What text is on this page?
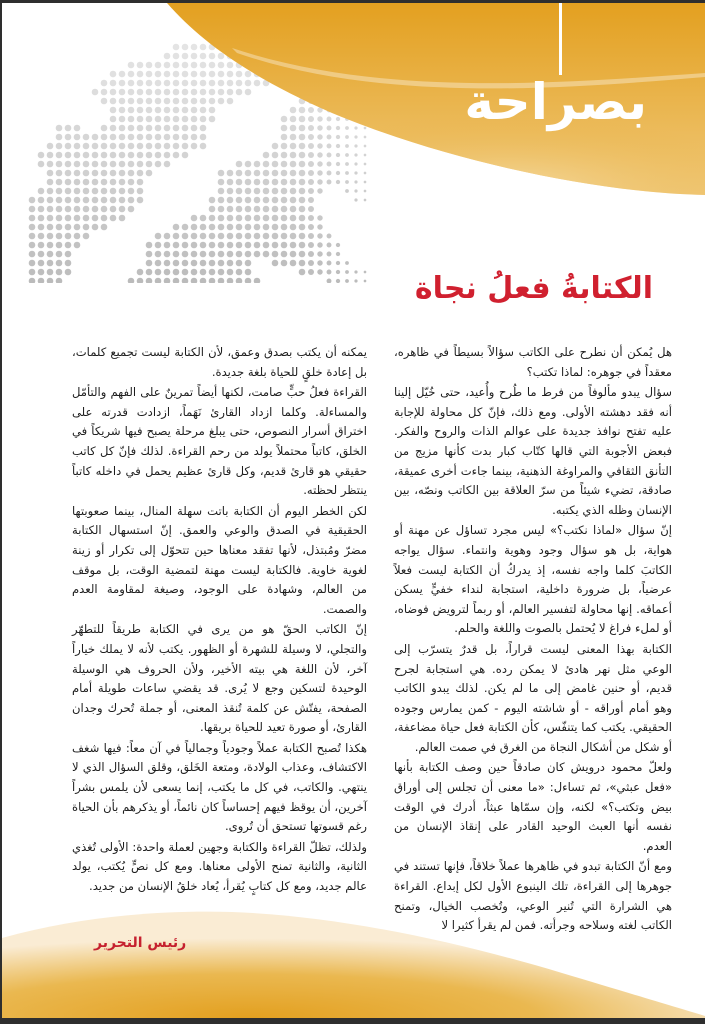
بصراحة
الكتابةُ فعلُ نجاة

هل يُمكن أن نطرح على الكاتب سؤالاً بسيطاً في ظاهره، معقداً في جوهره: لماذا تكتب؟

سؤال يبدو مألوفاً من فرط ما طُرح وأُعيد، حتى خُيّل إلينا أنه فقد دهشته الأولى. ومع ذلك، فإنّ كل محاولة للإجابة عليه تفتح نوافذ جديدة على عوالم الذات والروح والفكر. فبعض الأجوبة التي قالها كتّاب كبار بدت كأنها مزيج من التأنق الثقافي والمراوغة الذهنية، بينما جاءت أخرى عميقة، صادقة، تضيء شيئاً من سرّ العلاقة بين الكاتب ونصّه، بين الإنسان وظله الذي يكتبه.

إنّ سؤال «لماذا نكتب؟» ليس مجرد تساؤل عن مهنة أو هواية، بل هو سؤال وجود وهوية وانتماء. سؤال يواجه الكاتبَ كلما واجه نفسه، إذ يدركُ أن الكتابة ليست فعلاً عرضياً، بل ضرورة داخلية، استجابة لنداء خفيٍّ يسكن أعماقه. إنها محاولة لتفسير العالم، أو ربماً لترويض فوضاه، أو لملء فراغ لا يُحتمل بالصوت واللغة والحلم.

الكتابة بهذا المعنى ليست قراراً، بل قدرٌ يتسرّب إلى الوعي مثل نهر هادئ لا يمكن رده. هي استجابة لجرح قديم، أو حنين غامض إلى ما لم يكن. لذلك يبدو الكاتب وهو أمام أوراقه - أو شاشته اليوم - كمن يمارس وجوده الحقيقي. يكتب كما يتنفّس، كأن الكتابة فعل حياة مضاعفة، أو شكل من أشكال النجاة من الغرق في صمت العالم.

ولعلّ محمود درويش كان صادقاً حين وصف الكتابة بأنها «فعل عبثي»، ثم تساءل: «ما معنى أن تجلس إلى أوراق بيض وتكتب؟» لكنه، وإن سمّاها عبثاً، أدرك في الوقت نفسه أنها العبث الوحيد القادر على إنقاذ الإنسان من العدم.

ومع أنّ الكتابة تبدو في ظاهرها عملاً خلاقاً، فإنها تستند في جوهرها إلى القراءة، تلك الينبوع الأول لكل إبداع. القراءة هي الشرارة التي تُنير الوعي، وتُخصب الخيال، وتمنح الكاتب لغته وسلاحه وجرأته. فمن لم يقرأ كثيرا لا

يمكنه أن يكتب بصدق وعمق، لأن الكتابة ليست تجميع كلمات، بل إعادة خلقٍ للحياة بلغة جديدة.

القراءة فعلُ حبٍّ صامت، لكنها أيضاً تمرينٌ على الفهم والتأمّل والمساءلة. وكلما ازداد القارئ نَهَماً، ازدادت قدرته على اختراق أسرار النصوص، حتى يبلغ مرحلة يصبح فيها شريكاً في الخلق، كاتباً محتملاً يولد من رحم القراءة. لذلك فإنّ كل كاتب حقيقي هو قارئ قديم، وكل قارئ عظيم يحمل في داخله كاتباً ينتظر لحظته.

لكن الخطر اليوم أن الكتابة باتت سهلة المنال، بينما صعوبتها الحقيقية في الصدق والوعي والعمق. إنّ استسهال الكتابة مضرّ ومُبتذل، لأنها تفقد معناها حين تتحوّل إلى تكرار أو زينة لغوية خاوية. فالكتابة ليست مهنة لتمضية الوقت، بل موقف من العالم، وشهادة على الوجود، وصيغة لمقاومة العدم والصمت.

إنّ الكاتب الحقّ هو من يرى في الكتابة طريقاً للتطهّر والتجلي، لا وسيلة للشهرة أو الظهور. يكتب لأنه لا يملك خياراً آخر، لأن اللغة هي بيته الأخير، ولأن الحروف هي الوسيلة الوحيدة لتسكين وجع لا يُرى. قد يقضي ساعات طويلة أمام الصفحة، يفتّش عن كلمة تُنقذ المعنى، أو جملة تُحرك وجدان القارئ، أو صورة تعيد للحياة بريقها.

هكذا تُصبح الكتابة عملاً وجودياً وجمالياً في آن معاً: فيها شغف الاكتشاف، وعذاب الولادة، ومتعة الخَلق، وقلق السؤال الذي لا ينتهي. والكاتب، في كل ما يكتب، إنما يسعى لأن يلمس بشراً آخرين، أن يوقظ فيهم إحساساً كان نائماً، أو يذكرهم بأن الحياة رغم قسوتها تستحق أن تُروى.

ولذلك، تظلّ القراءة والكتابة وجهين لعملة واحدة: الأولى تُغذي الثانية، والثانية تمنح الأولى معناها. ومع كل نصٍّ يُكتب، يولد عالم جديد، ومع كل كتابٍ يُقرأ، يُعاد خلقُ الإنسان من جديد.

رئيس التحرير
